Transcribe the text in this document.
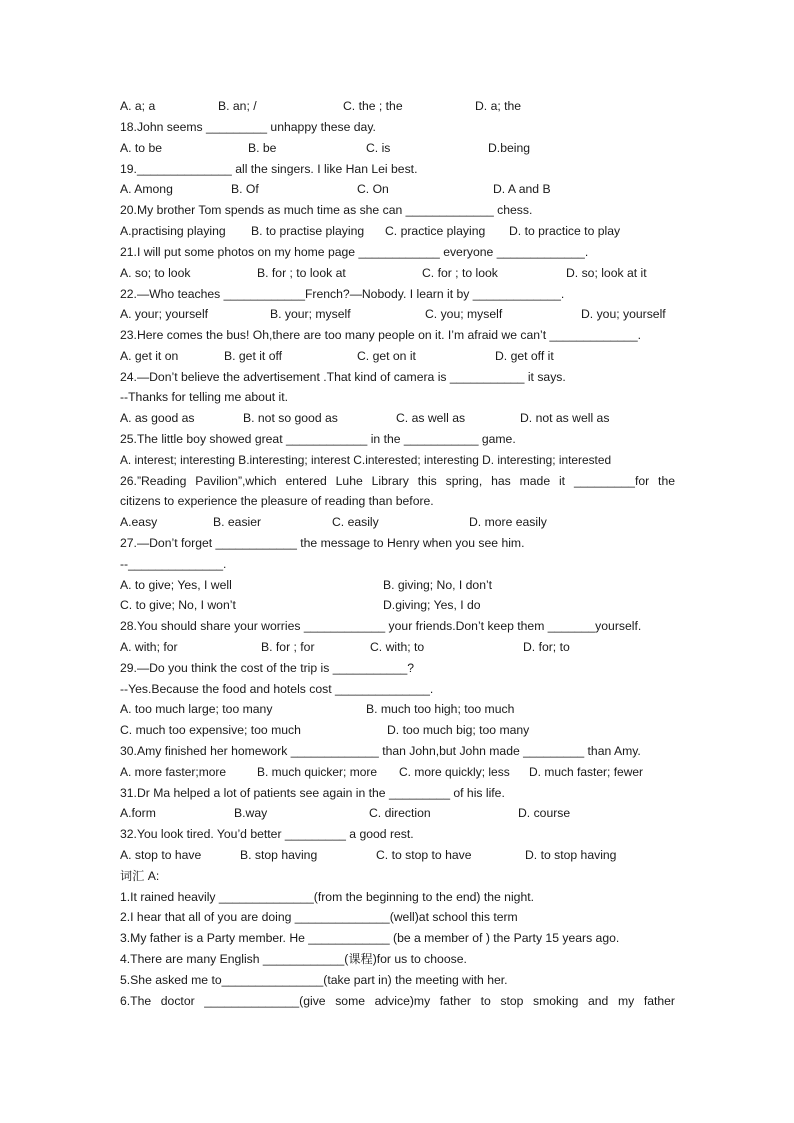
A. a; a	B. an; /	C. the ; the	D. a; the
18.John seems _________ unhappy these day.
A. to be	B. be	C. is	D.being
19.______________ all the singers. I like Han Lei best.
A. Among	B. Of	C. On	D. A and B
20.My brother Tom spends as much time as she can _____________ chess.
A.practising playing B. to practise playing C. practice playing D. to practice to play
21.I will put some photos on my home page ____________ everyone _____________.
A. so; to look	B. for ; to look at	C. for ; to look	D. so; look at it
22.—Who teaches ____________French?—Nobody. I learn it by _____________.
A. your; yourself	B. your; myself	C. you; myself	D. you; yourself
23.Here comes the bus! Oh,there are too many people on it. I’m afraid we can’t _____________.
A. get it on	B. get it off	C. get on it	D. get off it
24.—Don’t believe the advertisement .That kind of camera is ___________ it says.
--Thanks for telling me about it.
A. as good as	B. not so good as	C. as well as	D. not as well as
25.The little boy showed great ____________ in the ___________ game.
A. interest; interesting B.interesting; interest C.interested; interesting D. interesting; interested
26.”Reading Pavilion”,which entered Luhe Library this spring, has made it _________for the
citizens to experience the pleasure of reading than before.
A.easy	B. easier	C. easily	D. more easily
27.—Don’t forget ____________ the message to Henry when you see him.
--______________.
A. to give; Yes, I well	B. giving; No, I don’t
C. to give; No, I won’t	D.giving; Yes, I do
28.You should share your worries ____________ your friends.Don’t keep them _______yourself.
A. with; for	B. for ; for	C. with; to	D. for; to
29.—Do you think the cost of the trip is ___________?
--Yes.Because the food and hotels cost ______________.
A. too much large; too many	B. much too high; too much
C. much too expensive; too much	D. too much big; too many
30.Amy finished her homework _____________ than John,but John made _________ than Amy.
A. more faster;more	B. much quicker; more C. more quickly; less D. much faster; fewer
31.Dr Ma helped a lot of patients see again in the _________ of his life.
A.form	B.way	C. direction	D. course
32.You look tired. You’d better _________ a good rest.
A. stop to have	B. stop having	C. to stop to have	D. to stop having
词汇 A:
1.It rained heavily ______________(from the beginning to the end) the night.
2.I hear that all of you are doing ______________(well)at school this term
3.My father is a Party member. He ____________ (be a member of ) the Party 15 years ago.
4.There are many English ____________(课程)for us to choose.
5.She asked me to_______________(take part in) the meeting with her.
6.The doctor ______________(give some advice)my father to stop smoking and my father
